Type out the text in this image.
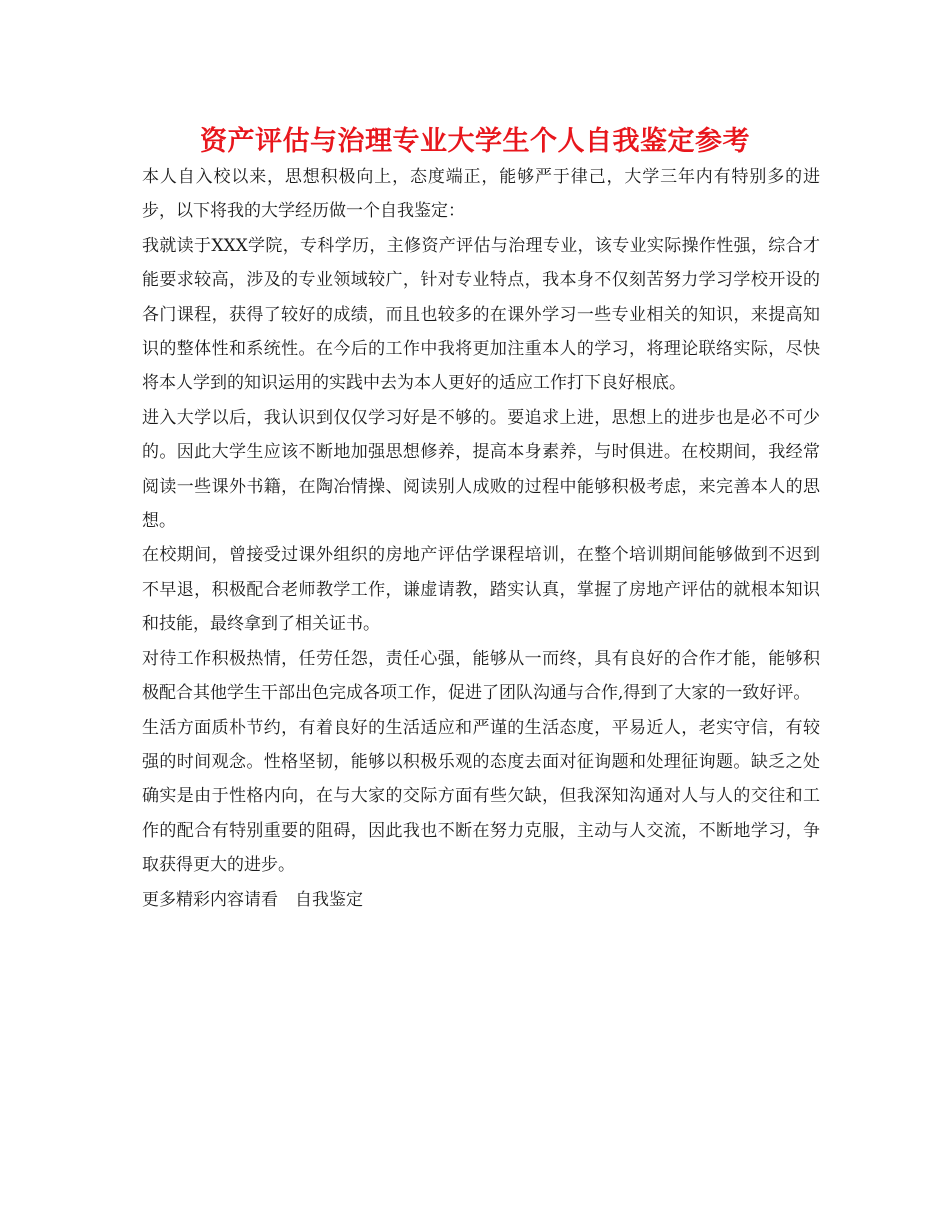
资产评估与治理专业大学生个人自我鉴定参考

本人自入校以来，思想积极向上，态度端正，能够严于律己，大学三年内有特别多的进步，以下将我的大学经历做一个自我鉴定：

我就读于XXX学院，专科学历，主修资产评估与治理专业，该专业实际操作性强，综合才能要求较高，涉及的专业领域较广，针对专业特点，我本身不仅刻苦努力学习学校开设的各门课程，获得了较好的成绩，而且也较多的在课外学习一些专业相关的知识，来提高知识的整体性和系统性。在今后的工作中我将更加注重本人的学习，将理论联络实际，尽快将本人学到的知识运用的实践中去为本人更好的适应工作打下良好根底。

进入大学以后，我认识到仅仅学习好是不够的。要追求上进，思想上的进步也是必不可少的。因此大学生应该不断地加强思想修养，提高本身素养，与时俱进。在校期间，我经常阅读一些课外书籍，在陶冶情操、阅读别人成败的过程中能够积极考虑，来完善本人的思想。

在校期间，曾接受过课外组织的房地产评估学课程培训，在整个培训期间能够做到不迟到不早退，积极配合老师教学工作，谦虚请教，踏实认真，掌握了房地产评估的就根本知识和技能，最终拿到了相关证书。

对待工作积极热情，任劳任怨，责任心强，能够从一而终，具有良好的合作才能，能够积极配合其他学生干部出色完成各项工作，促进了团队沟通与合作,得到了大家的一致好评。

生活方面质朴节约，有着良好的生活适应和严谨的生活态度，平易近人，老实守信，有较强的时间观念。性格坚韧，能够以积极乐观的态度去面对征询题和处理征询题。缺乏之处确实是由于性格内向，在与大家的交际方面有些欠缺，但我深知沟通对人与人的交往和工作的配合有特别重要的阻碍，因此我也不断在努力克服，主动与人交流，不断地学习，争取获得更大的进步。

更多精彩内容请看　自我鉴定
